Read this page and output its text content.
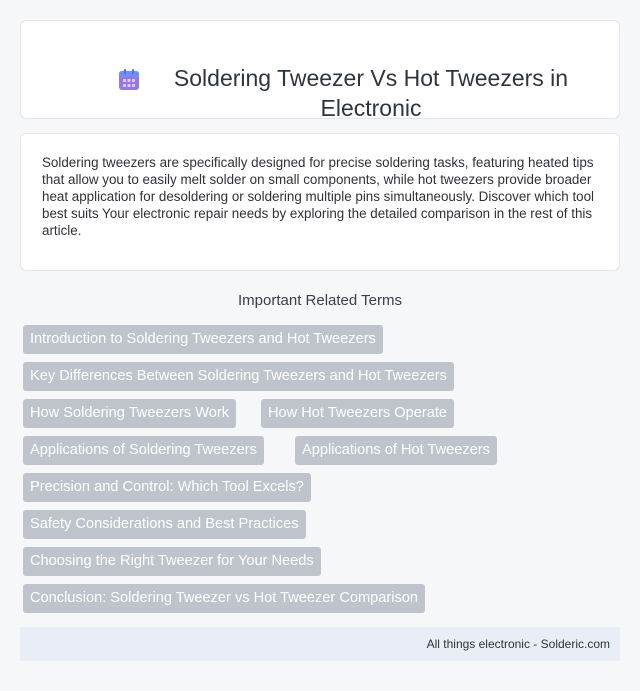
Soldering Tweezer Vs Hot Tweezers in Electronic

Soldering tweezers are specifically designed for precise soldering tasks, featuring heated tips that allow you to easily melt solder on small components, while hot tweezers provide broader heat application for desoldering or soldering multiple pins simultaneously. Discover which tool best suits Your electronic repair needs by exploring the detailed comparison in the rest of this article.

Important Related Terms
Introduction to Soldering Tweezers and Hot Tweezers
Key Differences Between Soldering Tweezers and Hot Tweezers
How Soldering Tweezers Work	How Hot Tweezers Operate
Applications of Soldering Tweezers	Applications of Hot Tweezers
Precision and Control: Which Tool Excels?
Safety Considerations and Best Practices
Choosing the Right Tweezer for Your Needs
Conclusion: Soldering Tweezer vs Hot Tweezer Comparison
All things electronic - Solderic.com
